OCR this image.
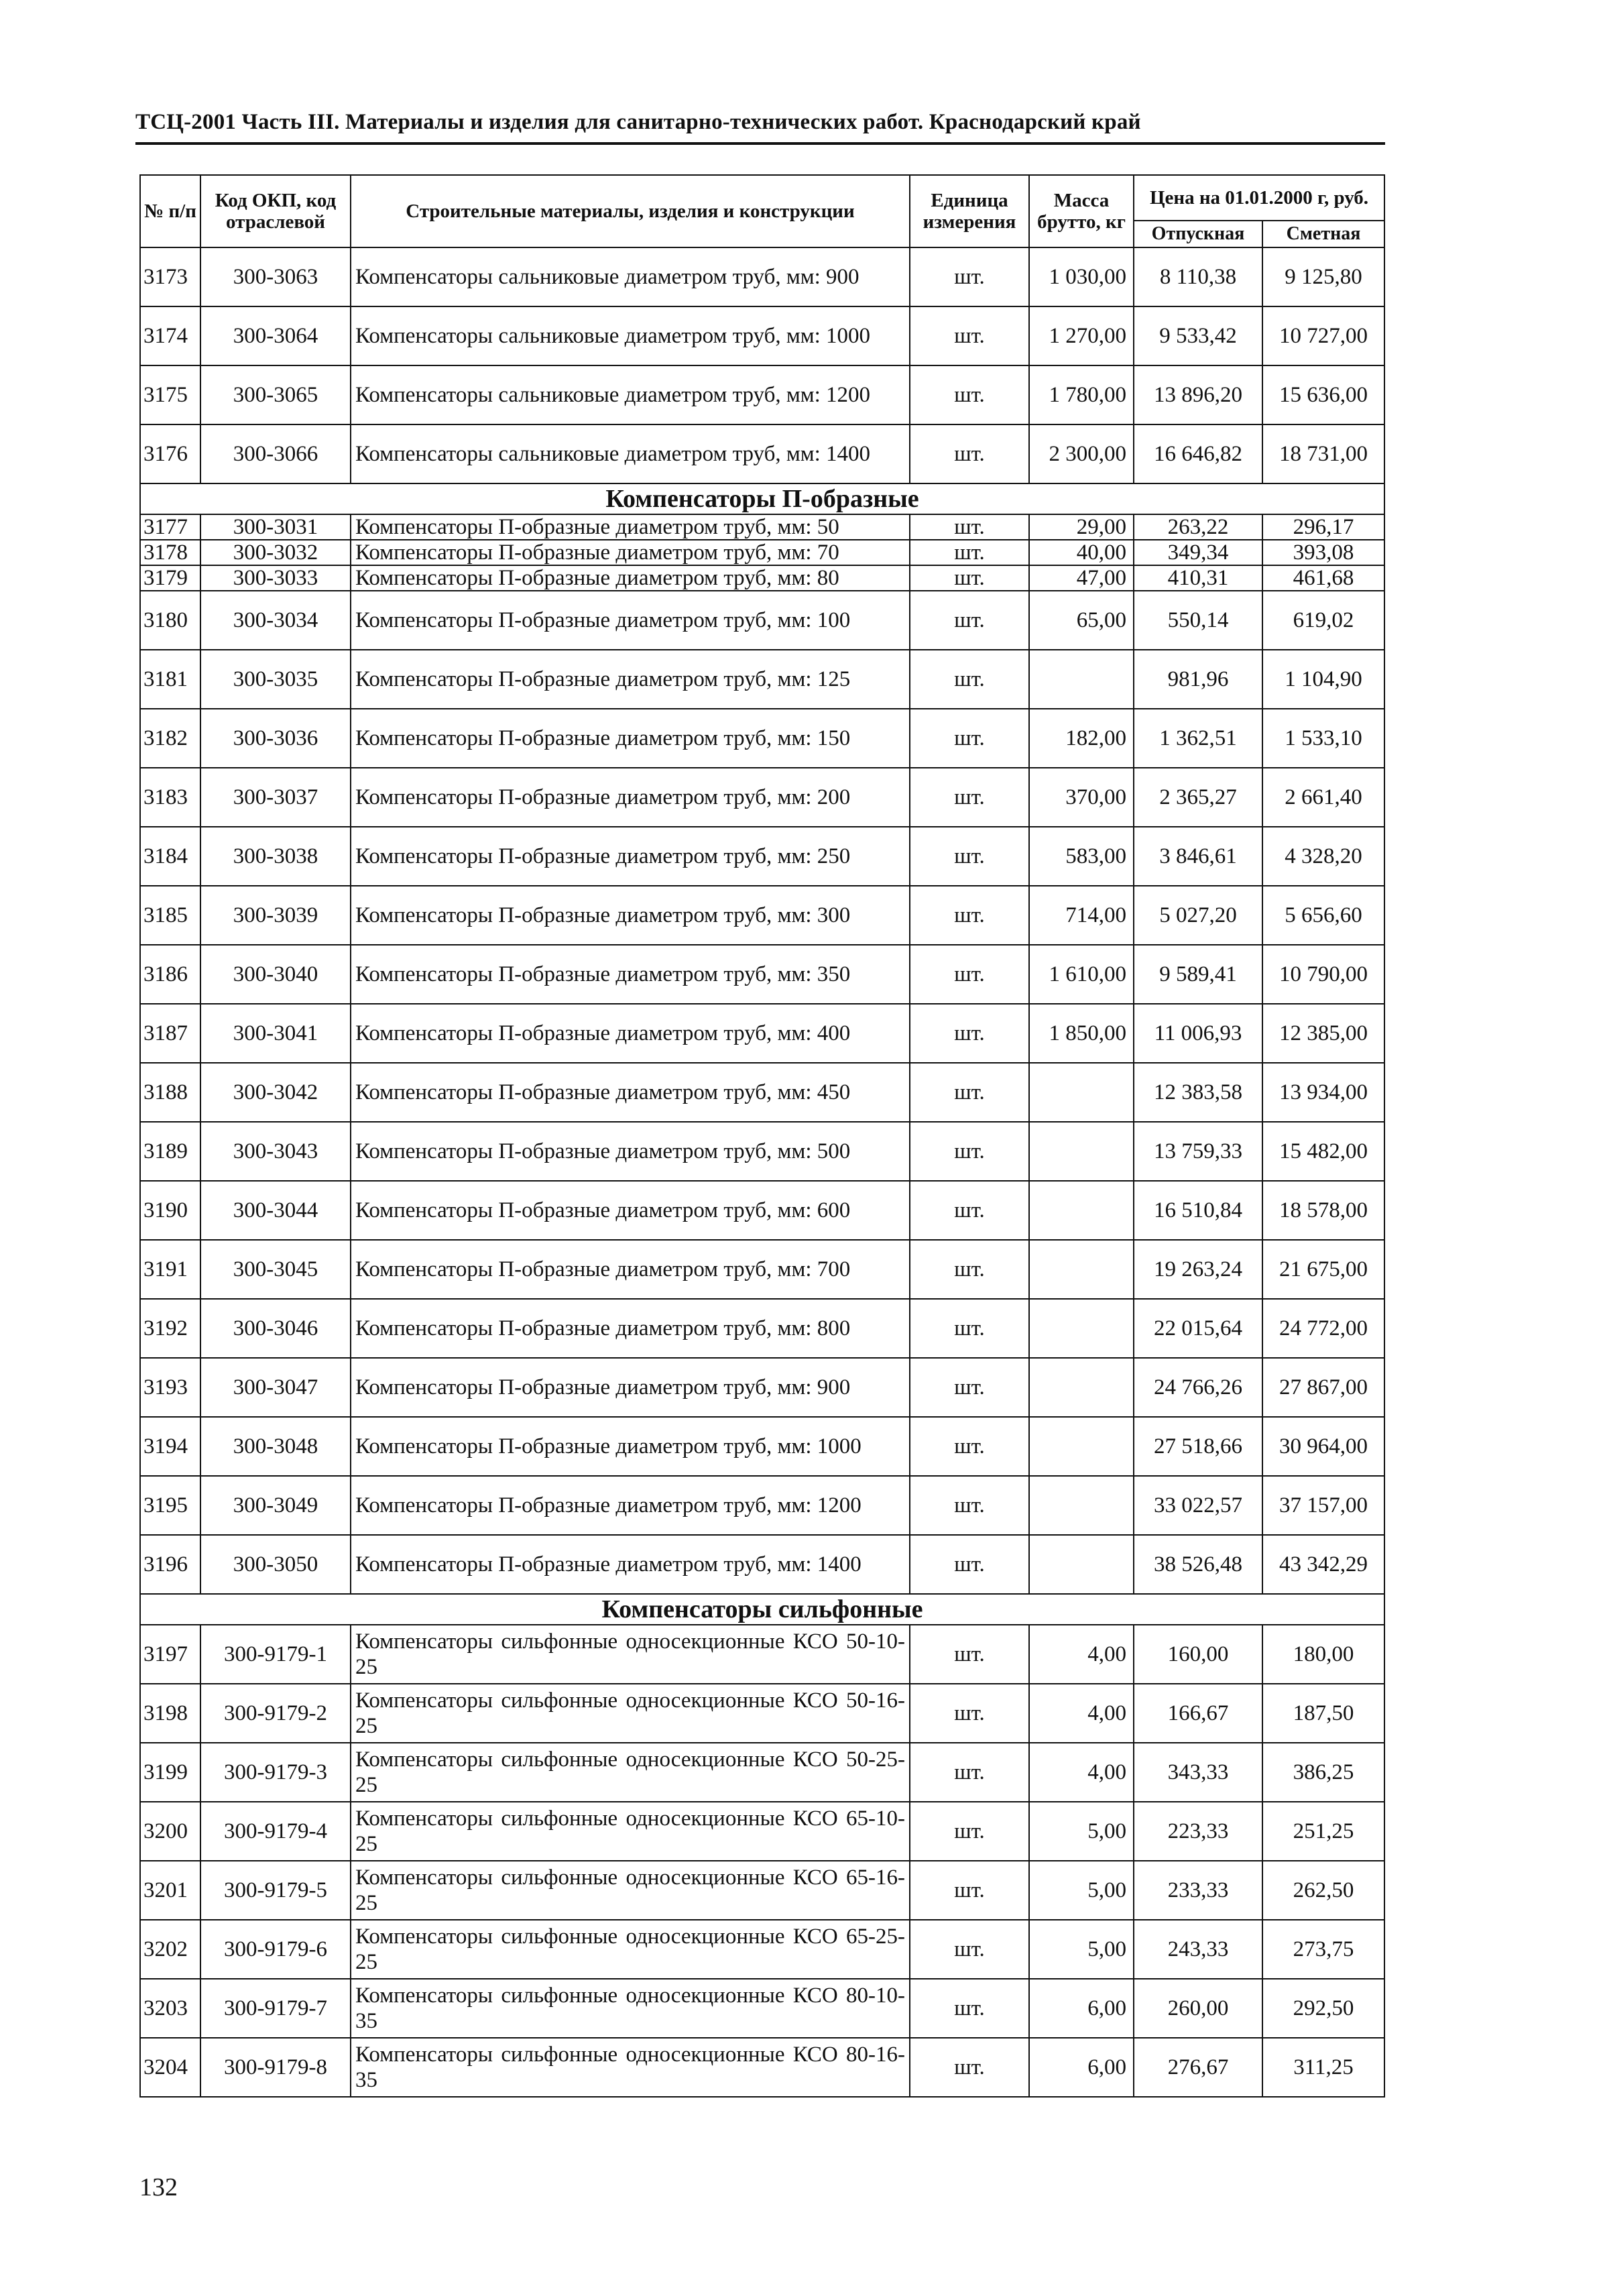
ТСЦ-2001 Часть III. Материалы и изделия для санитарно-технических работ. Краснодарский край
№ п/п	Код ОКП, код отраслевой	Строительные материалы, изделия и конструкции	Единица измерения	Масса брутто, кг	Цена на 01.01.2000 г, руб.	
					Отпускная	Сметная
3173	300-3063	Компенсаторы сальниковые диаметром труб, мм: 900	шт.	1 030,00	8 110,38	9 125,80
3174	300-3064	Компенсаторы сальниковые диаметром труб, мм: 1000	шт.	1 270,00	9 533,42	10 727,00
3175	300-3065	Компенсаторы сальниковые диаметром труб, мм: 1200	шт.	1 780,00	13 896,20	15 636,00
3176	300-3066	Компенсаторы сальниковые диаметром труб, мм: 1400	шт.	2 300,00	16 646,82	18 731,00
Компенсаторы П-образные						
3177	300-3031	Компенсаторы П-образные диаметром труб, мм: 50	шт.	29,00	263,22	296,17
3178	300-3032	Компенсаторы П-образные диаметром труб, мм: 70	шт.	40,00	349,34	393,08
3179	300-3033	Компенсаторы П-образные диаметром труб, мм: 80	шт.	47,00	410,31	461,68
3180	300-3034	Компенсаторы П-образные диаметром труб, мм: 100	шт.	65,00	550,14	619,02
3181	300-3035	Компенсаторы П-образные диаметром труб, мм: 125	шт.		981,96	1 104,90
3182	300-3036	Компенсаторы П-образные диаметром труб, мм: 150	шт.	182,00	1 362,51	1 533,10
3183	300-3037	Компенсаторы П-образные диаметром труб, мм: 200	шт.	370,00	2 365,27	2 661,40
3184	300-3038	Компенсаторы П-образные диаметром труб, мм: 250	шт.	583,00	3 846,61	4 328,20
3185	300-3039	Компенсаторы П-образные диаметром труб, мм: 300	шт.	714,00	5 027,20	5 656,60
3186	300-3040	Компенсаторы П-образные диаметром труб, мм: 350	шт.	1 610,00	9 589,41	10 790,00
3187	300-3041	Компенсаторы П-образные диаметром труб, мм: 400	шт.	1 850,00	11 006,93	12 385,00
3188	300-3042	Компенсаторы П-образные диаметром труб, мм: 450	шт.		12 383,58	13 934,00
3189	300-3043	Компенсаторы П-образные диаметром труб, мм: 500	шт.		13 759,33	15 482,00
3190	300-3044	Компенсаторы П-образные диаметром труб, мм: 600	шт.		16 510,84	18 578,00
3191	300-3045	Компенсаторы П-образные диаметром труб, мм: 700	шт.		19 263,24	21 675,00
3192	300-3046	Компенсаторы П-образные диаметром труб, мм: 800	шт.		22 015,64	24 772,00
3193	300-3047	Компенсаторы П-образные диаметром труб, мм: 900	шт.		24 766,26	27 867,00
3194	300-3048	Компенсаторы П-образные диаметром труб, мм: 1000	шт.		27 518,66	30 964,00
3195	300-3049	Компенсаторы П-образные диаметром труб, мм: 1200	шт.		33 022,57	37 157,00
3196	300-3050	Компенсаторы П-образные диаметром труб, мм: 1400	шт.		38 526,48	43 342,29
Компенсаторы сильфонные						
3197	300-9179-1	Компенсаторы сильфонные односекционные КСО 50-10-25	шт.	4,00	160,00	180,00
3198	300-9179-2	Компенсаторы сильфонные односекционные КСО 50-16-25	шт.	4,00	166,67	187,50
3199	300-9179-3	Компенсаторы сильфонные односекционные КСО 50-25-25	шт.	4,00	343,33	386,25
3200	300-9179-4	Компенсаторы сильфонные односекционные КСО 65-10-25	шт.	5,00	223,33	251,25
3201	300-9179-5	Компенсаторы сильфонные односекционные КСО 65-16-25	шт.	5,00	233,33	262,50
3202	300-9179-6	Компенсаторы сильфонные односекционные КСО 65-25-25	шт.	5,00	243,33	273,75
3203	300-9179-7	Компенсаторы сильфонные односекционные КСО 80-10-35	шт.	6,00	260,00	292,50
3204	300-9179-8	Компенсаторы сильфонные односекционные КСО 80-16-35	шт.	6,00	276,67	311,25
132
